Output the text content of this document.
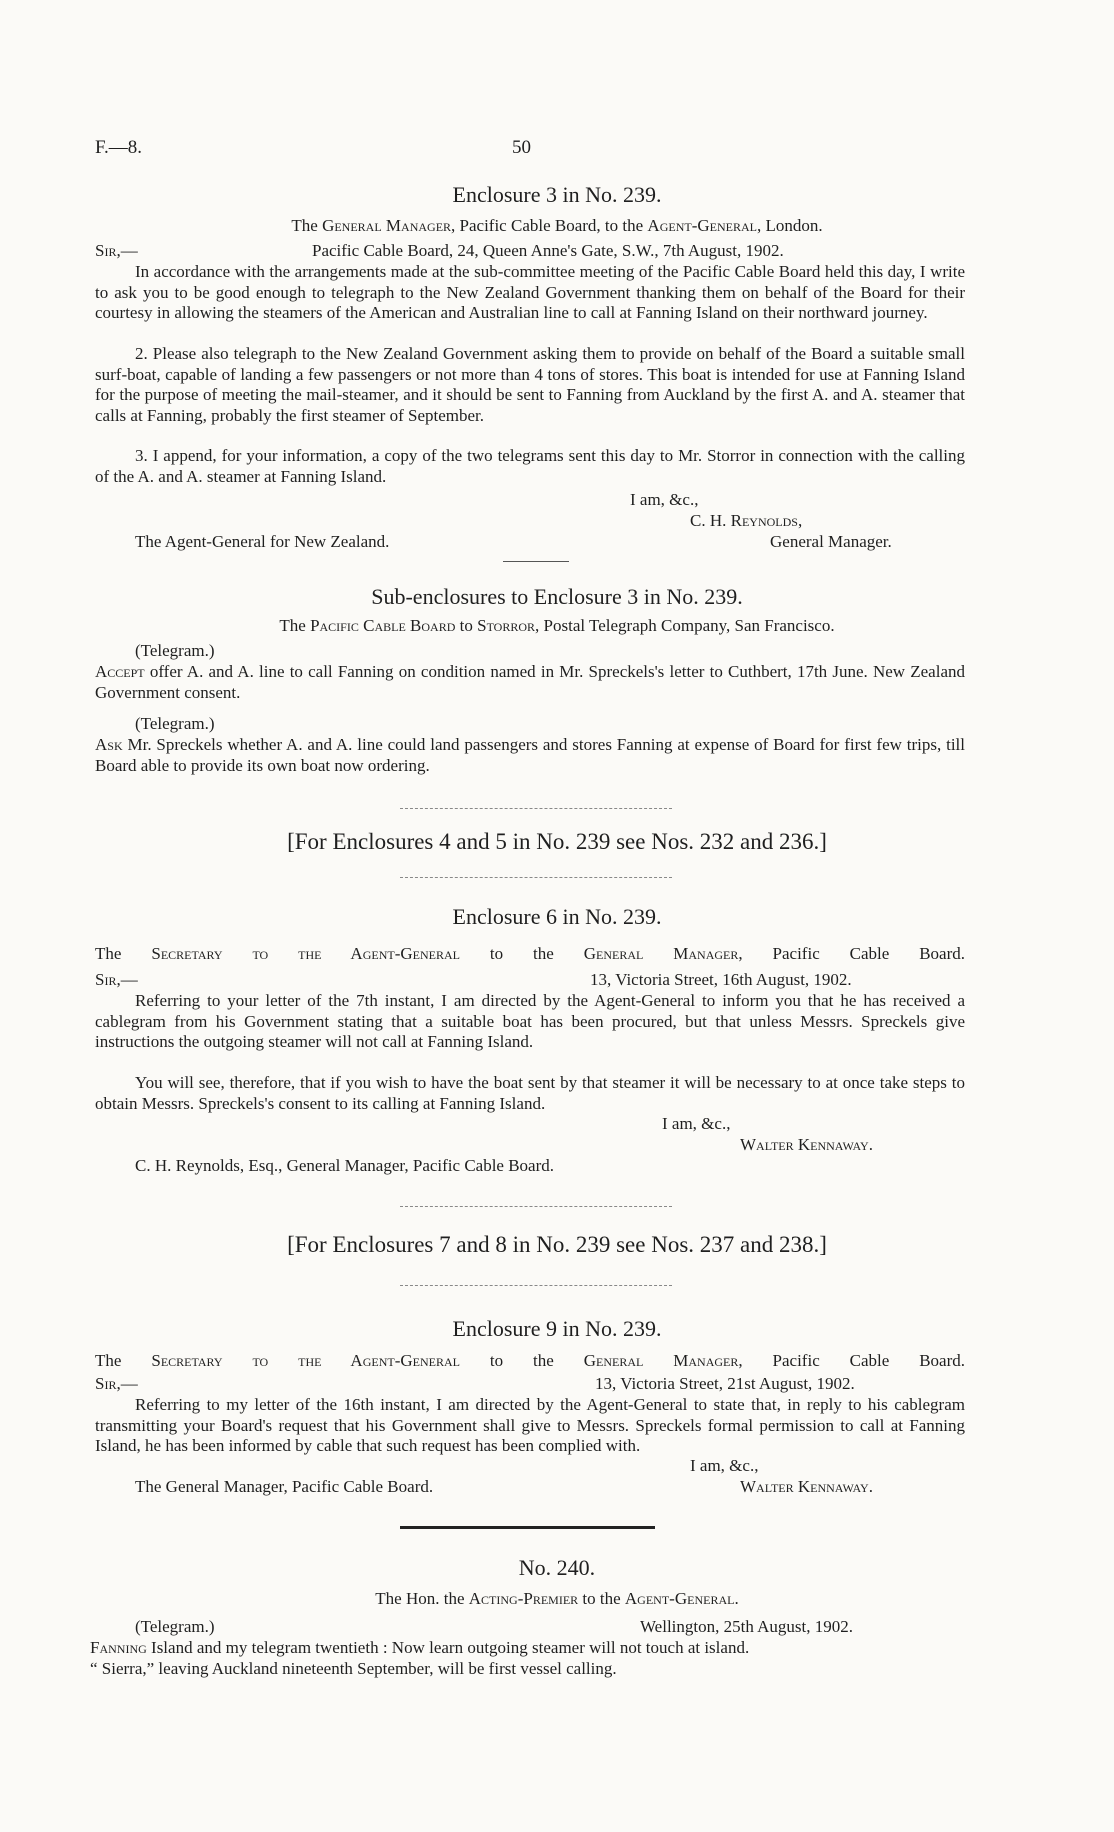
F.—8.	50
Enclosure 3 in No. 239.
The General Manager, Pacific Cable Board, to the Agent-General, London.
Sir,—	Pacific Cable Board, 24, Queen Anne's Gate, S.W., 7th August, 1902.
In accordance with the arrangements made at the sub-committee meeting of the Pacific Cable Board held this day, I write to ask you to be good enough to telegraph to the New Zealand Government thanking them on behalf of the Board for their courtesy in allowing the steamers of the American and Australian line to call at Fanning Island on their northward journey.
2. Please also telegraph to the New Zealand Government asking them to provide on behalf of the Board a suitable small surf-boat, capable of landing a few passengers or not more than 4 tons of stores. This boat is intended for use at Fanning Island for the purpose of meeting the mail-steamer, and it should be sent to Fanning from Auckland by the first A. and A. steamer that calls at Fanning, probably the first steamer of September.
3. I append, for your information, a copy of the two telegrams sent this day to Mr. Storror in connection with the calling of the A. and A. steamer at Fanning Island.
I am, &c.,
C. H. Reynolds,
The Agent-General for New Zealand.	General Manager.
Sub-enclosures to Enclosure 3 in No. 239.
The Pacific Cable Board to Storror, Postal Telegraph Company, San Francisco.
(Telegram.)
Accept offer A. and A. line to call Fanning on condition named in Mr. Spreckels's letter to Cuthbert, 17th June. New Zealand Government consent.
(Telegram.)
Ask Mr. Spreckels whether A. and A. line could land passengers and stores Fanning at expense of Board for first few trips, till Board able to provide its own boat now ordering.
[For Enclosures 4 and 5 in No. 239 see Nos. 232 and 236.]
Enclosure 6 in No. 239.
The Secretary to the Agent-General to the General Manager, Pacific Cable Board.
Sir,—	13, Victoria Street, 16th August, 1902.
Referring to your letter of the 7th instant, I am directed by the Agent-General to inform you that he has received a cablegram from his Government stating that a suitable boat has been procured, but that unless Messrs. Spreckels give instructions the outgoing steamer will not call at Fanning Island.
You will see, therefore, that if you wish to have the boat sent by that steamer it will be necessary to at once take steps to obtain Messrs. Spreckels's consent to its calling at Fanning Island.
I am, &c.,
Walter Kennaway.
C. H. Reynolds, Esq., General Manager, Pacific Cable Board.
[For Enclosures 7 and 8 in No. 239 see Nos. 237 and 238.]
Enclosure 9 in No. 239.
The Secretary to the Agent-General to the General Manager, Pacific Cable Board.
Sir,—	13, Victoria Street, 21st August, 1902.
Referring to my letter of the 16th instant, I am directed by the Agent-General to state that, in reply to his cablegram transmitting your Board's request that his Government shall give to Messrs. Spreckels formal permission to call at Fanning Island, he has been informed by cable that such request has been complied with.
I am, &c.,
The General Manager, Pacific Cable Board.	Walter Kennaway.
No. 240.
The Hon. the Acting-Premier to the Agent-General.
(Telegram.)	Wellington, 25th August, 1902.
Fanning Island and my telegram twentieth : Now learn outgoing steamer will not touch at island.
“ Sierra,” leaving Auckland nineteenth September, will be first vessel calling.
